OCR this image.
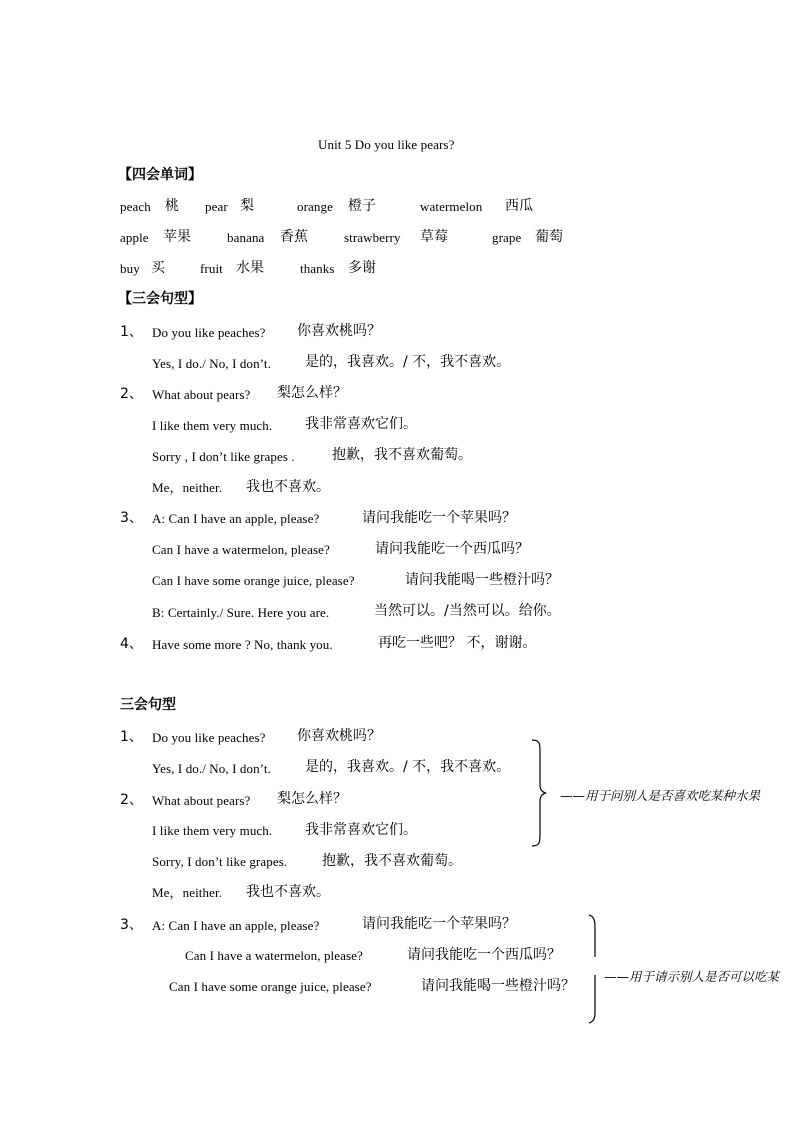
Unit 5 Do you like pears?
【四会单词】
peach 桃 pear 梨	orange 橙子	watermelon 西瓜
apple 苹果	banana 香蕉	strawberry 草莓	grape 葡萄
buy 买	fruit 水果	thanks 多谢
【三会句型】
1、 Do you like peaches? 你喜欢桃吗？
Yes, I do./ No, I don’t. 是的，我喜欢。/ 不，我不喜欢。
2、 What about pears? 梨怎么样？
I like them very much. 我非常喜欢它们。
Sorry , I don’t like grapes .	抱歉，我不喜欢葡萄。
Me，neither. 我也不喜欢。
3、 A: Can I have an apple, please?	请问我能吃一个苹果吗？
Can I have a watermelon, please?	请问我能吃一个西瓜吗？
Can I have some orange juice, please?	请问我能喝一些橙汁吗？
B: Certainly./ Sure. Here you are.	当然可以。/当然可以。给你。
4、 Have some more ? No, thank you.	再吃一些吧？ 不，谢谢。
三会句型
1、 Do you like peaches? 你喜欢桃吗？
Yes, I do./ No, I don’t. 是的，我喜欢。/ 不，我不喜欢。
2、 What about pears? 梨怎么样？
I like them very much. 我非常喜欢它们。
Sorry, I don’t like grapes. 抱歉，我不喜欢葡萄。
Me，neither. 我也不喜欢。
3、 A: Can I have an apple, please?	请问我能吃一个苹果吗？
Can I have a watermelon, please?	请问我能吃一个西瓜吗？
Can I have some orange juice, please?	请问我能喝一些橙汁吗？
——用于问别人是否喜欢吃某种水果
——用于请示别人是否可以吃某
